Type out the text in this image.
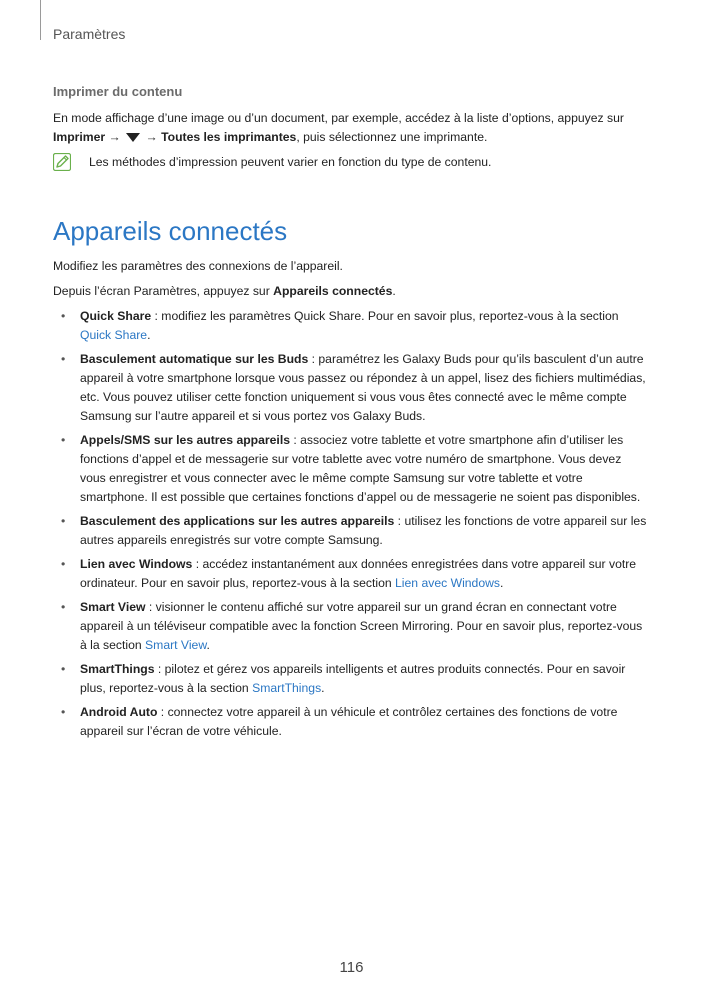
Paramètres
Imprimer du contenu

En mode affichage d’une image ou d’un document, par exemple, accédez à la liste d’options, appuyez sur Imprimer → → Toutes les imprimantes, puis sélectionnez une imprimante.

Les méthodes d’impression peuvent varier en fonction du type de contenu.

Appareils connectés

Modifiez les paramètres des connexions de l’appareil.

Depuis l’écran Paramètres, appuyez sur Appareils connectés.

• Quick Share : modifiez les paramètres Quick Share. Pour en savoir plus, reportez-vous à la section Quick Share.
• Basculement automatique sur les Buds : paramétrez les Galaxy Buds pour qu’ils basculent d’un autre appareil à votre smartphone lorsque vous passez ou répondez à un appel, lisez des fichiers multimédias, etc. Vous pouvez utiliser cette fonction uniquement si vous vous êtes connecté avec le même compte Samsung sur l’autre appareil et si vous portez vos Galaxy Buds.
• Appels/SMS sur les autres appareils : associez votre tablette et votre smartphone afin d’utiliser les fonctions d’appel et de messagerie sur votre tablette avec votre numéro de smartphone. Vous devez vous enregistrer et vous connecter avec le même compte Samsung sur votre tablette et votre smartphone. Il est possible que certaines fonctions d’appel ou de messagerie ne soient pas disponibles.
• Basculement des applications sur les autres appareils : utilisez les fonctions de votre appareil sur les autres appareils enregistrés sur votre compte Samsung.
• Lien avec Windows : accédez instantanément aux données enregistrées dans votre appareil sur votre ordinateur. Pour en savoir plus, reportez-vous à la section Lien avec Windows.
• Smart View : visionner le contenu affiché sur votre appareil sur un grand écran en connectant votre appareil à un téléviseur compatible avec la fonction Screen Mirroring. Pour en savoir plus, reportez-vous à la section Smart View.
• SmartThings : pilotez et gérez vos appareils intelligents et autres produits connectés. Pour en savoir plus, reportez-vous à la section SmartThings.
• Android Auto : connectez votre appareil à un véhicule et contrôlez certaines des fonctions de votre appareil sur l’écran de votre véhicule.
116
